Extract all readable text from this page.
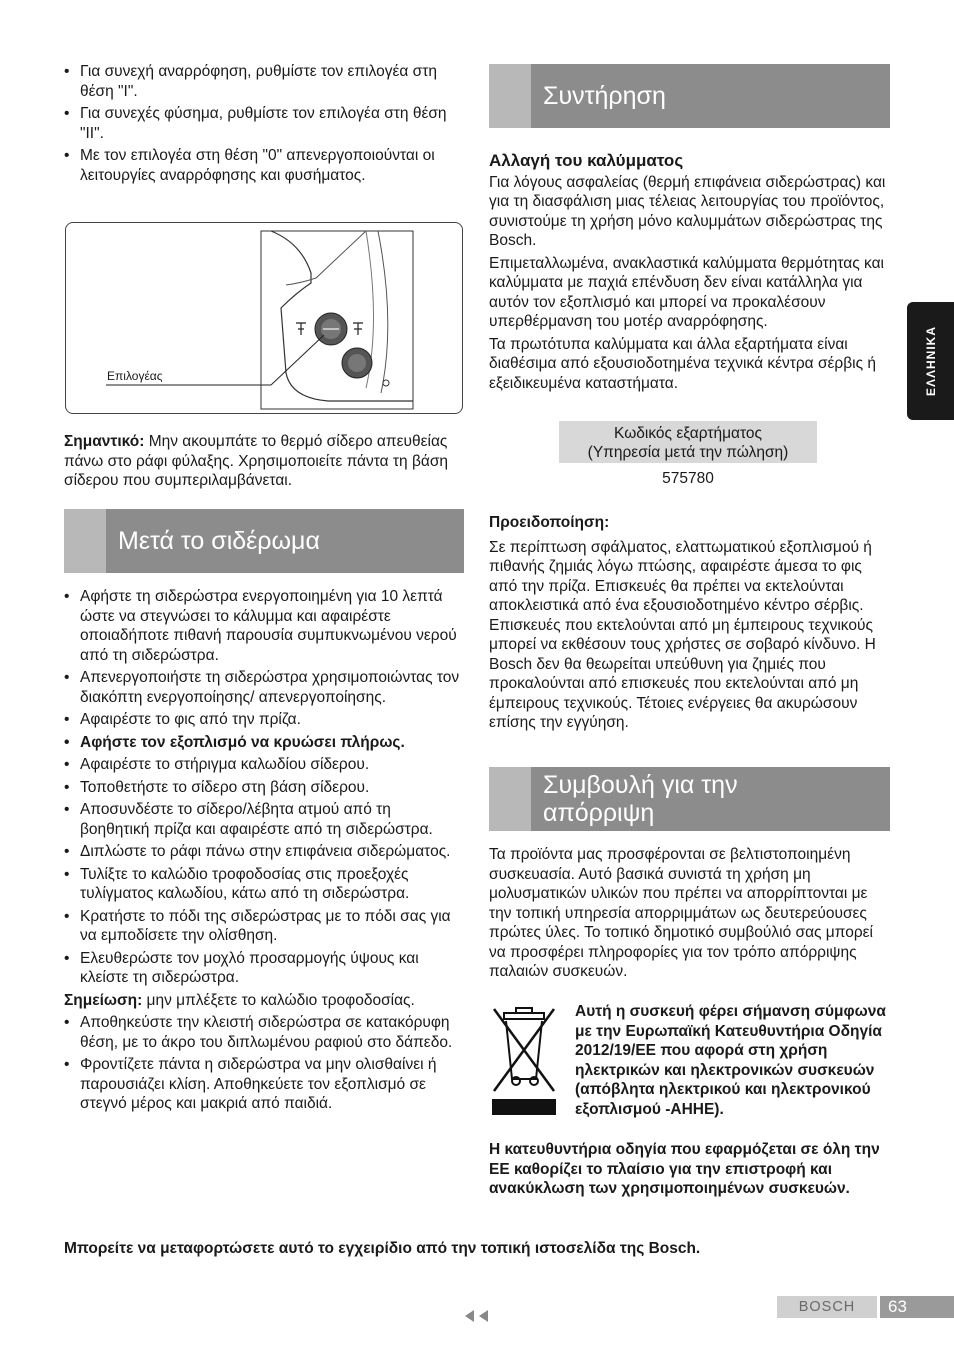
• Για συνεχή αναρρόφηση, ρυθμίστε τον επιλογέα στη θέση "I".
• Για συνεχές φύσημα, ρυθμίστε τον επιλογέα στη θέση "II".
• Με τον επιλογέα στη θέση "0" απενεργοποιούνται οι λειτουργίες αναρρόφησης και φυσήματος.
Επιλογέας

Σημαντικό: Μην ακουμπάτε το θερμό σίδερο απευθείας πάνω στο ράφι φύλαξης. Χρησιμοποιείτε πάντα τη βάση σίδερου που συμπεριλαμβάνεται.

Μετά το σιδέρωμα
• Αφήστε τη σιδερώστρα ενεργοποιημένη για 10 λεπτά ώστε να στεγνώσει το κάλυμμα και αφαιρέστε οποιαδήποτε πιθανή παρουσία συμπυκνωμένου νερού από τη σιδερώστρα.
• Απενεργοποιήστε τη σιδερώστρα χρησιμοποιώντας τον διακόπτη ενεργοποίησης/ απενεργοποίησης.
• Αφαιρέστε το φις από την πρίζα.
• Αφήστε τον εξοπλισμό να κρυώσει πλήρως.
• Αφαιρέστε το στήριγμα καλωδίου σίδερου.
• Τοποθετήστε το σίδερο στη βάση σίδερου.
• Αποσυνδέστε το σίδερο/λέβητα ατμού από τη βοηθητική πρίζα και αφαιρέστε από τη σιδερώστρα.
• Διπλώστε το ράφι πάνω στην επιφάνεια σιδερώματος.
• Τυλίξτε το καλώδιο τροφοδοσίας στις προεξοχές τυλίγματος καλωδίου, κάτω από τη σιδερώστρα.
• Κρατήστε το πόδι της σιδερώστρας με το πόδι σας για να εμποδίσετε την ολίσθηση.
• Ελευθερώστε τον μοχλό προσαρμογής ύψους και κλείστε τη σιδερώστρα.

Σημείωση: μην μπλέξετε το καλώδιο τροφοδοσίας.

• Αποθηκεύστε την κλειστή σιδερώστρα σε κατακόρυφη θέση, με το άκρο του διπλωμένου ραφιού στο δάπεδο.
• Φροντίζετε πάντα η σιδερώστρα να μην ολισθαίνει ή παρουσιάζει κλίση. Αποθηκεύετε τον εξοπλισμό σε στεγνό μέρος και μακριά από παιδιά.
Συντήρηση

Αλλαγή του καλύμματος

Για λόγους ασφαλείας (θερμή επιφάνεια σιδερώστρας) και για τη διασφάλιση μιας τέλειας λειτουργίας του προϊόντος, συνιστούμε τη χρήση μόνο καλυμμάτων σιδερώστρας της Bosch.

Επιμεταλλωμένα, ανακλαστικά καλύμματα θερμότητας και καλύμματα με παχιά επένδυση δεν είναι κατάλληλα για αυτόν τον εξοπλισμό και μπορεί να προκαλέσουν υπερθέρμανση του μοτέρ αναρρόφησης.

Τα πρωτότυπα καλύμματα και άλλα εξαρτήματα είναι διαθέσιμα από εξουσιοδοτημένα τεχνικά κέντρα σέρβις ή εξειδικευμένα καταστήματα.

Κωδικός εξαρτήματος
(Υπηρεσία μετά την πώληση)
575780

Προειδοποίηση:

Σε περίπτωση σφάλματος, ελαττωματικού εξοπλισμού ή πιθανής ζημιάς λόγω πτώσης, αφαιρέστε άμεσα το φις από την πρίζα. Επισκευές θα πρέπει να εκτελούνται αποκλειστικά από ένα εξουσιοδοτημένο κέντρο σέρβις. Επισκευές που εκτελούνται από μη έμπειρους τεχνικούς μπορεί να εκθέσουν τους χρήστες σε σοβαρό κίνδυνο. Η Bosch δεν θα θεωρείται υπεύθυνη για ζημιές που προκαλούνται από επισκευές που εκτελούνται από μη έμπειρους τεχνικούς. Τέτοιες ενέργειες θα ακυρώσουν επίσης την εγγύηση.

Συμβουλή για την
απόρριψη

Τα προϊόντα μας προσφέρονται σε βελτιστοποιημένη συσκευασία. Αυτό βασικά συνιστά τη χρήση μη μολυσματικών υλικών που πρέπει να απορρίπτονται με την τοπική υπηρεσία απορριμμάτων ως δευτερεύουσες πρώτες ύλες. Το τοπικό δημοτικό συμβούλιό σας μπορεί να προσφέρει πληροφορίες για τον τρόπο απόρριψης παλαιών συσκευών.

Αυτή η συσκευή φέρει σήμανση σύμφωνα με την Ευρωπαϊκή Κατευθυντήρια Οδηγία 2012/19/ΕΕ που αφορά στη χρήση ηλεκτρικών και ηλεκτρονικών συσκευών (απόβλητα ηλεκτρικού και ηλεκτρονικού εξοπλισμού -AHHE).
Η κατευθυντήρια οδηγία που εφαρμόζεται σε όλη την ΕΕ καθορίζει το πλαίσιο για την επιστροφή και ανακύκλωση των χρησιμοποιημένων συσκευών.
Μπορείτε να μεταφορτώσετε αυτό το εγχειρίδιο από την τοπική ιστοσελίδα της Bosch.
ΕΛΛΗΝΙΚΑ
BOSCH	63
